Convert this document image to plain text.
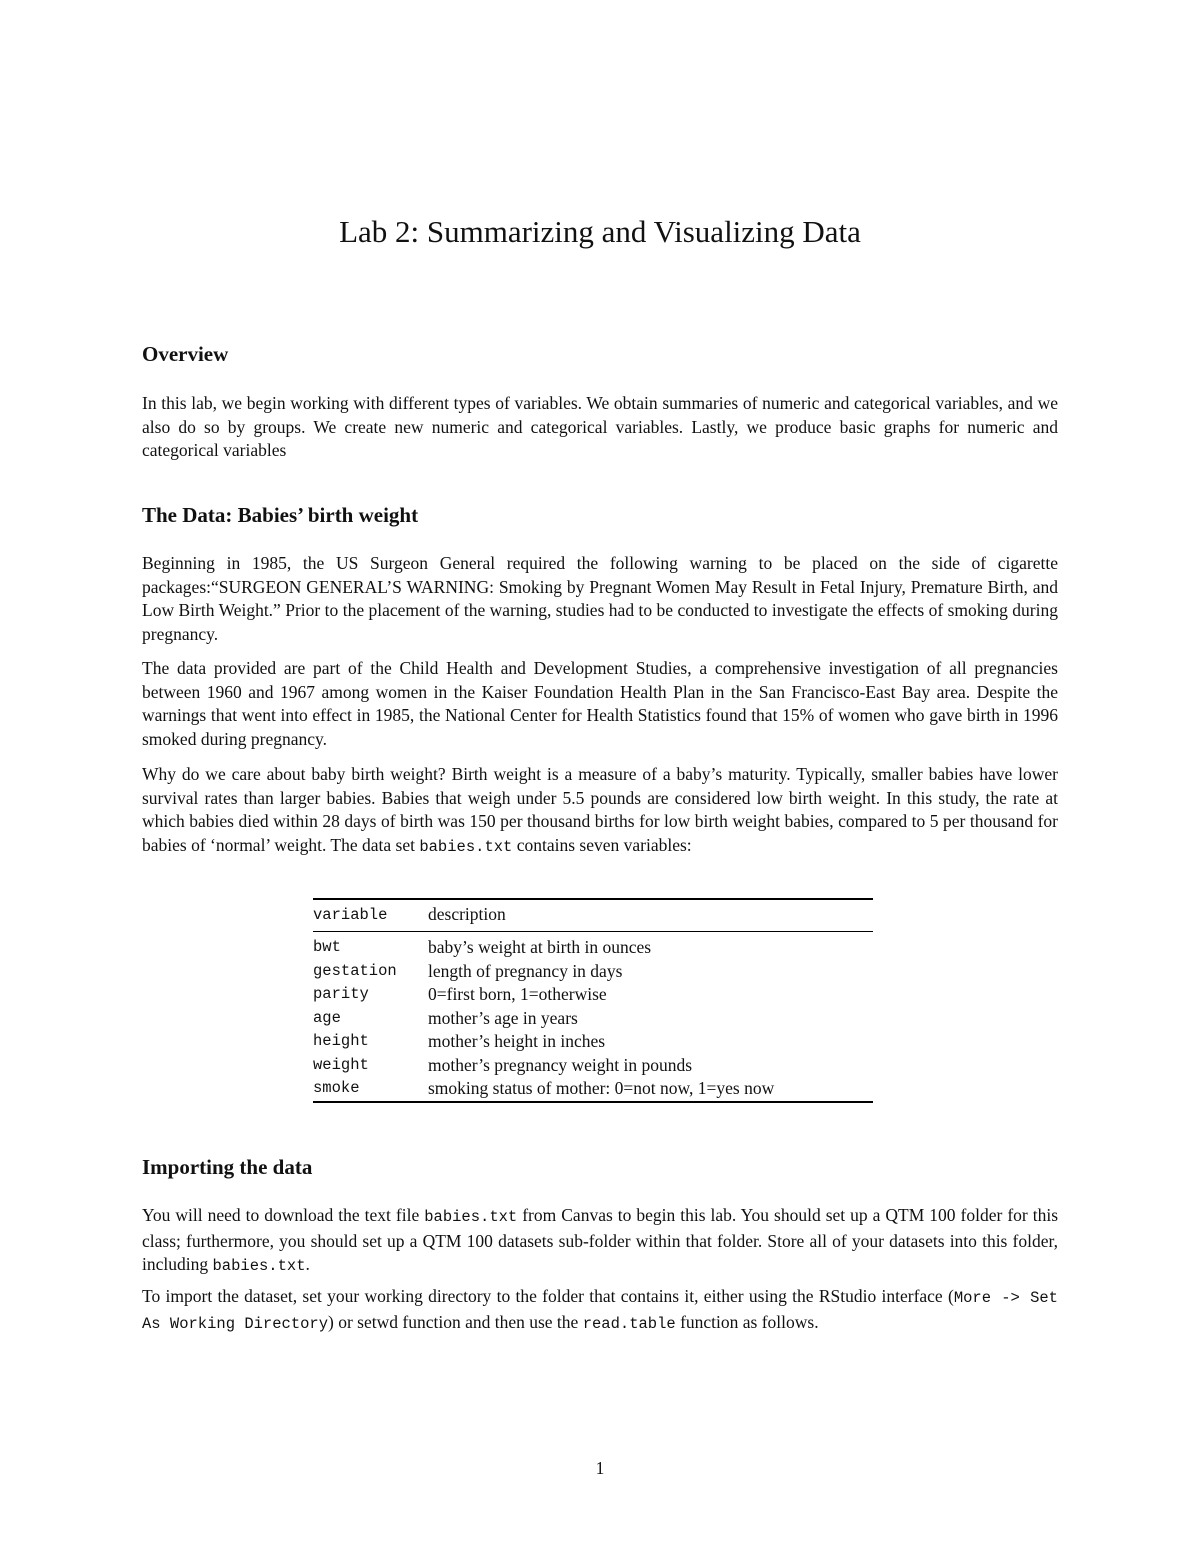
Lab 2: Summarizing and Visualizing Data
Overview

In this lab, we begin working with different types of variables. We obtain summaries of numeric and categorical variables, and we also do so by groups. We create new numeric and categorical variables. Lastly, we produce basic graphs for numeric and categorical variables

The Data: Babies’ birth weight

Beginning in 1985, the US Surgeon General required the following warning to be placed on the side of cigarette packages:“SURGEON GENERAL’S WARNING: Smoking by Pregnant Women May Result in Fetal Injury, Premature Birth, and Low Birth Weight.” Prior to the placement of the warning, studies had to be conducted to investigate the effects of smoking during pregnancy.

The data provided are part of the Child Health and Development Studies, a comprehensive investigation of all pregnancies between 1960 and 1967 among women in the Kaiser Foundation Health Plan in the San Francisco-East Bay area. Despite the warnings that went into effect in 1985, the National Center for Health Statistics found that 15% of women who gave birth in 1996 smoked during pregnancy.

Why do we care about baby birth weight? Birth weight is a measure of a baby’s maturity. Typically, smaller babies have lower survival rates than larger babies. Babies that weigh under 5.5 pounds are considered low birth weight. In this study, the rate at which babies died within 28 days of birth was 150 per thousand births for low birth weight babies, compared to 5 per thousand for babies of ‘normal’ weight. The data set babies.txt contains seven variables:

variable	description
bwt	baby’s weight at birth in ounces
gestation	length of pregnancy in days
parity	0=first born, 1=otherwise
age	mother’s age in years
height	mother’s height in inches
weight	mother’s pregnancy weight in pounds
smoke	smoking status of mother: 0=not now, 1=yes now
Importing the data

You will need to download the text file babies.txt from Canvas to begin this lab. You should set up a QTM 100 folder for this class; furthermore, you should set up a QTM 100 datasets sub-folder within that folder. Store all of your datasets into this folder, including babies.txt.

To import the dataset, set your working directory to the folder that contains it, either using the RStudio interface (More -> Set As Working Directory) or setwd function and then use the read.table function as follows.

1
